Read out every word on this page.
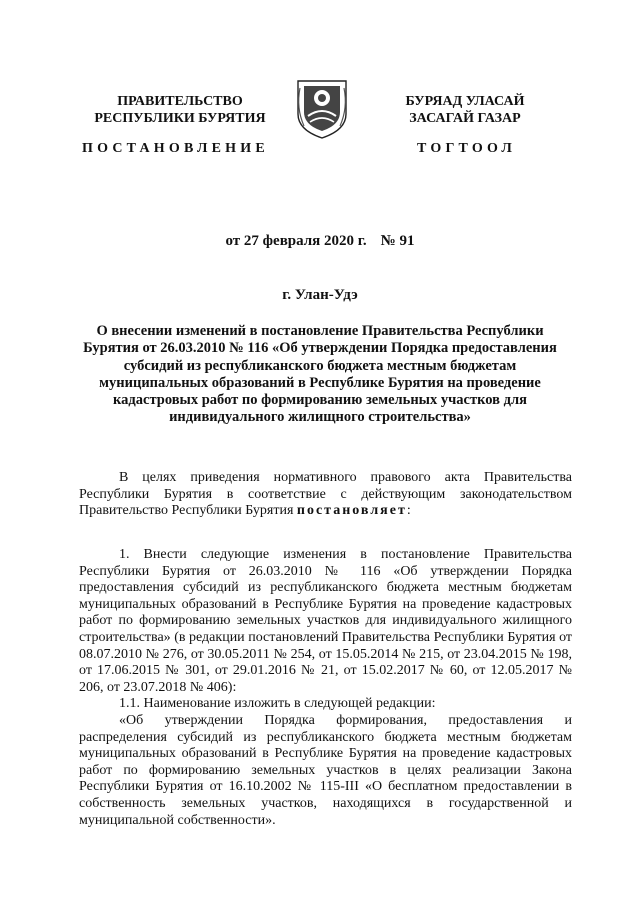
ПРАВИТЕЛЬСТВО
РЕСПУБЛИКИ БУРЯТИЯ
БУРЯАД УЛАСАЙ
ЗАСАГАЙ ГАЗАР
ПОСТАНОВЛЕНИЕ	ТОГТООЛ
от 27 февраля 2020 г. № 91
г. Улан-Удэ
О внесении изменений в постановление Правительства Республики Бурятия от 26.03.2010 № 116 «Об утверждении Порядка предоставления субсидий из республиканского бюджета местным бюджетам муниципальных образований в Республике Бурятия на проведение кадастровых работ по формированию земельных участков для индивидуального жилищного строительства»

В целях приведения нормативного правового акта Правительства Республики Бурятия в соответствие с действующим законодательством Правительство Республики Бурятия постановляет:

1. Внести следующие изменения в постановление Правительства Республики Бурятия от 26.03.2010 № 116 «Об утверждении Порядка предоставления субсидий из республиканского бюджета местным бюджетам муниципальных образований в Республике Бурятия на проведение кадастровых работ по формированию земельных участков для индивидуального жилищного строительства» (в редакции постановлений Правительства Республики Бурятия от 08.07.2010 № 276, от 30.05.2011 № 254, от 15.05.2014 № 215, от 23.04.2015 № 198, от 17.06.2015 № 301, от 29.01.2016 № 21, от 15.02.2017 № 60, от 12.05.2017 № 206, от 23.07.2018 № 406):

1.1. Наименование изложить в следующей редакции:

«Об утверждении Порядка формирования, предоставления и распределения субсидий из республиканского бюджета местным бюджетам муниципальных образований в Республике Бурятия на проведение кадастровых работ по формированию земельных участков в целях реализации Закона Республики Бурятия от 16.10.2002 № 115-III «О бесплатном предоставлении в собственность земельных участков, находящихся в государственной и муниципальной собственности».
